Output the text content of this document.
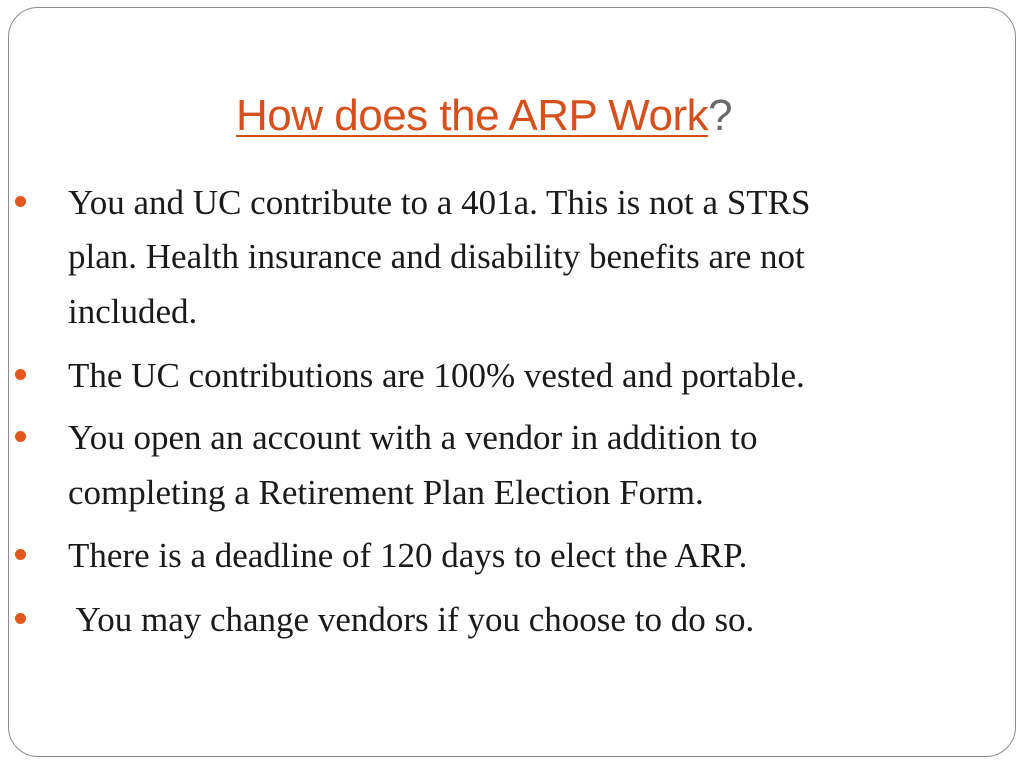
How does the ARP Work?
You and UC contribute to a 401a. This is not a STRS
plan. Health insurance and disability benefits are not
included.
The UC contributions are 100% vested and portable.
You open an account with a vendor in addition to
completing a Retirement Plan Election Form.
There is a deadline of 120 days to elect the ARP.
You may change vendors if you choose to do so.
